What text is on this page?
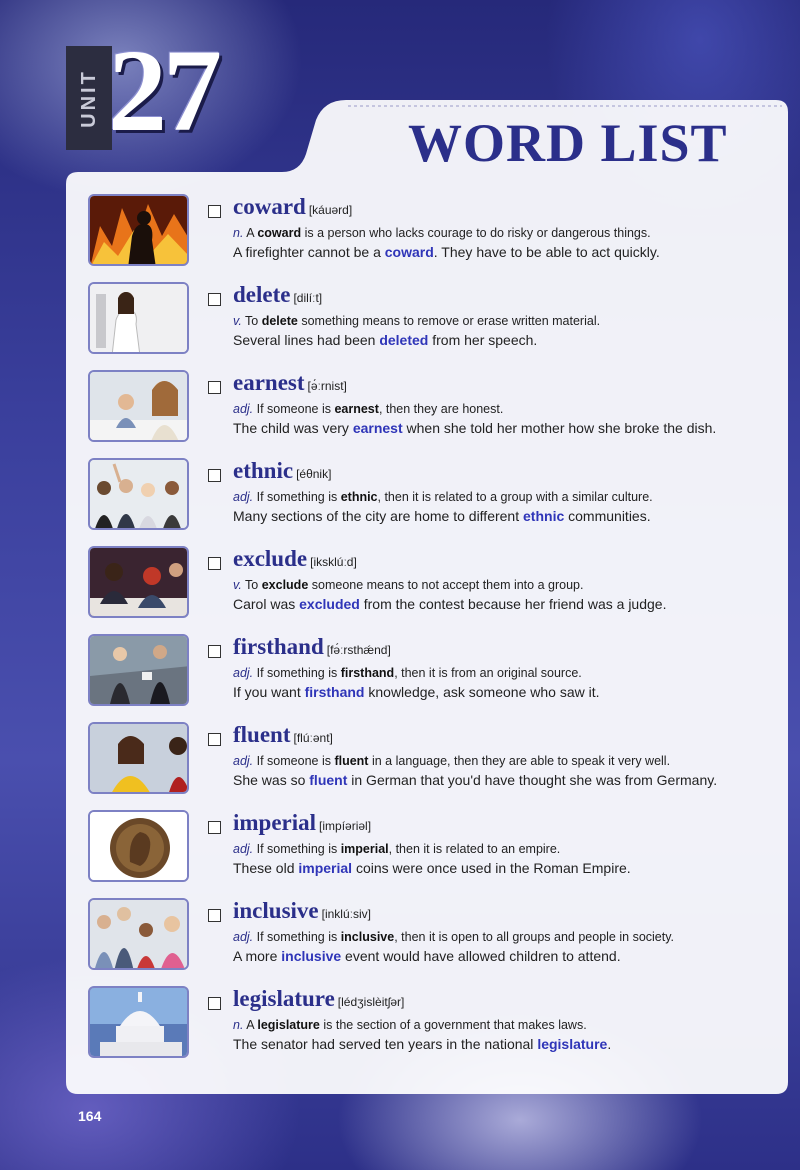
UNIT 27	WORD LIST
coward [káuərd]
n. A coward is a person who lacks courage to do risky or dangerous things.
A firefighter cannot be a coward. They have to be able to act quickly.
delete [dilíːt]
v. To delete something means to remove or erase written material.
Several lines had been deleted from her speech.
earnest [ə́ːrnist]
adj. If someone is earnest, then they are honest.
The child was very earnest when she told her mother how she broke the dish.
ethnic [éθnik]
adj. If something is ethnic, then it is related to a group with a similar culture.
Many sections of the city are home to different ethnic communities.
exclude [iksklúːd]
v. To exclude someone means to not accept them into a group.
Carol was excluded from the contest because her friend was a judge.
firsthand [fə́ːrsthǽnd]
adj. If something is firsthand, then it is from an original source.
If you want firsthand knowledge, ask someone who saw it.
fluent [flúːənt]
adj. If someone is fluent in a language, then they are able to speak it very well.
She was so fluent in German that you'd have thought she was from Germany.
imperial [impíəriəl]
adj. If something is imperial, then it is related to an empire.
These old imperial coins were once used in the Roman Empire.
inclusive [inklúːsiv]
adj. If something is inclusive, then it is open to all groups and people in society.
A more inclusive event would have allowed children to attend.
legislature [lédʒislèitʃər]
n. A legislature is the section of a government that makes laws.
The senator had served ten years in the national legislature.
164
